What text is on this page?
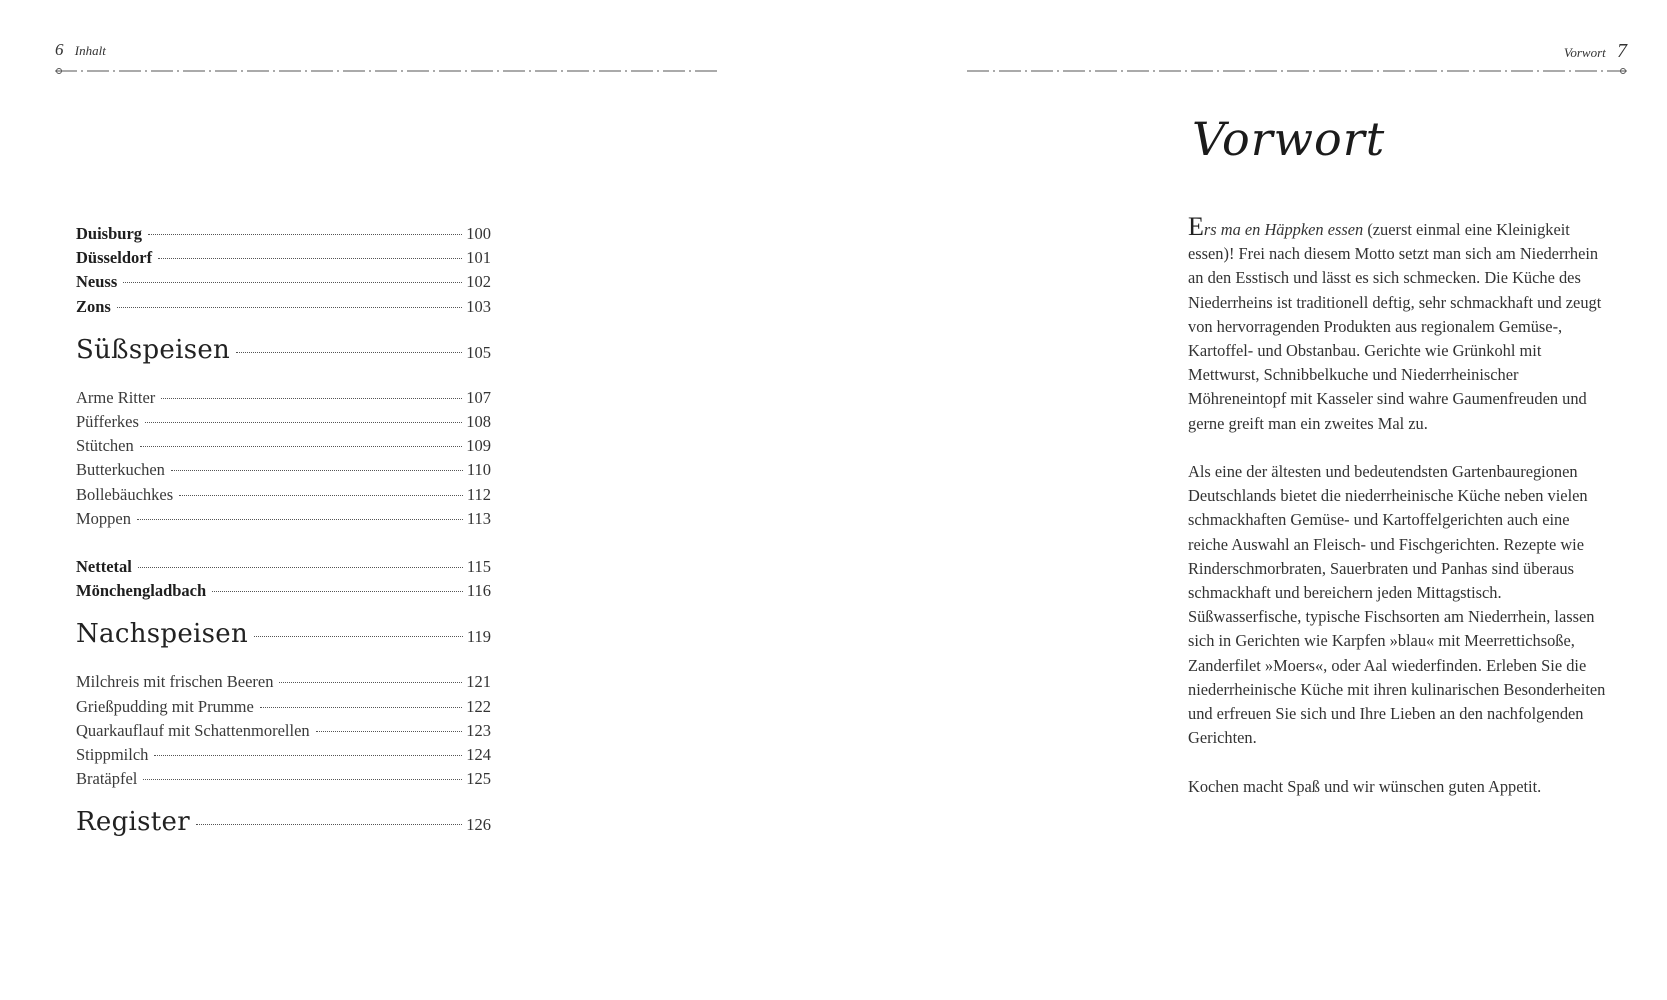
6 Inhalt
Duisburg	100
Düsseldorf	101
Neuss	102
Zons	103
Süßspeisen	105
Arme Ritter	107
Püfferkes	108
Stütchen	109
Butterkuchen	110
Bollebäuchkes	112
Moppen	113
Nettetal	115
Mönchengladbach	116
Nachspeisen	119
Milchreis mit frischen Beeren	121
Grießpudding mit Prumme	122
Quarkauflauf mit Schattenmorellen	123
Stippmilch	124
Bratäpfel	125
Register	126
Vorwort 7
Vorwort

Ers ma en Häppken essen (zuerst einmal eine Kleinigkeit essen)! Frei nach diesem Motto setzt man sich am Niederrhein an den Esstisch und lässt es sich schmecken. Die Küche des Niederrheins ist traditionell deftig, sehr schmackhaft und zeugt von hervorragenden Produkten aus regionalem Gemüse-, Kartoffel- und Obstanbau. Gerichte wie Grünkohl mit Mettwurst, Schnibbelkuche und Niederrheinischer Möhreneintopf mit Kasseler sind wahre Gaumenfreuden und gerne greift man ein zweites Mal zu.

Als eine der ältesten und bedeutendsten Gartenbauregionen Deutschlands bietet die niederrheinische Küche neben vielen schmackhaften Gemüse- und Kartoffelgerichten auch eine reiche Auswahl an Fleisch- und Fischgerichten. Rezepte wie Rinderschmorbraten, Sauerbraten und Panhas sind überaus schmackhaft und bereichern jeden Mittagstisch. Süßwasserfische, typische Fischsorten am Niederrhein, lassen sich in Gerichten wie Karpfen »blau« mit Meerrettichsoße, Zanderfilet »Moers«, oder Aal wiederfinden. Erleben Sie die niederrheinische Küche mit ihren kulinarischen Besonderheiten und erfreuen Sie sich und Ihre Lieben an den nachfolgenden Gerichten.

Kochen macht Spaß und wir wünschen guten Appetit.
